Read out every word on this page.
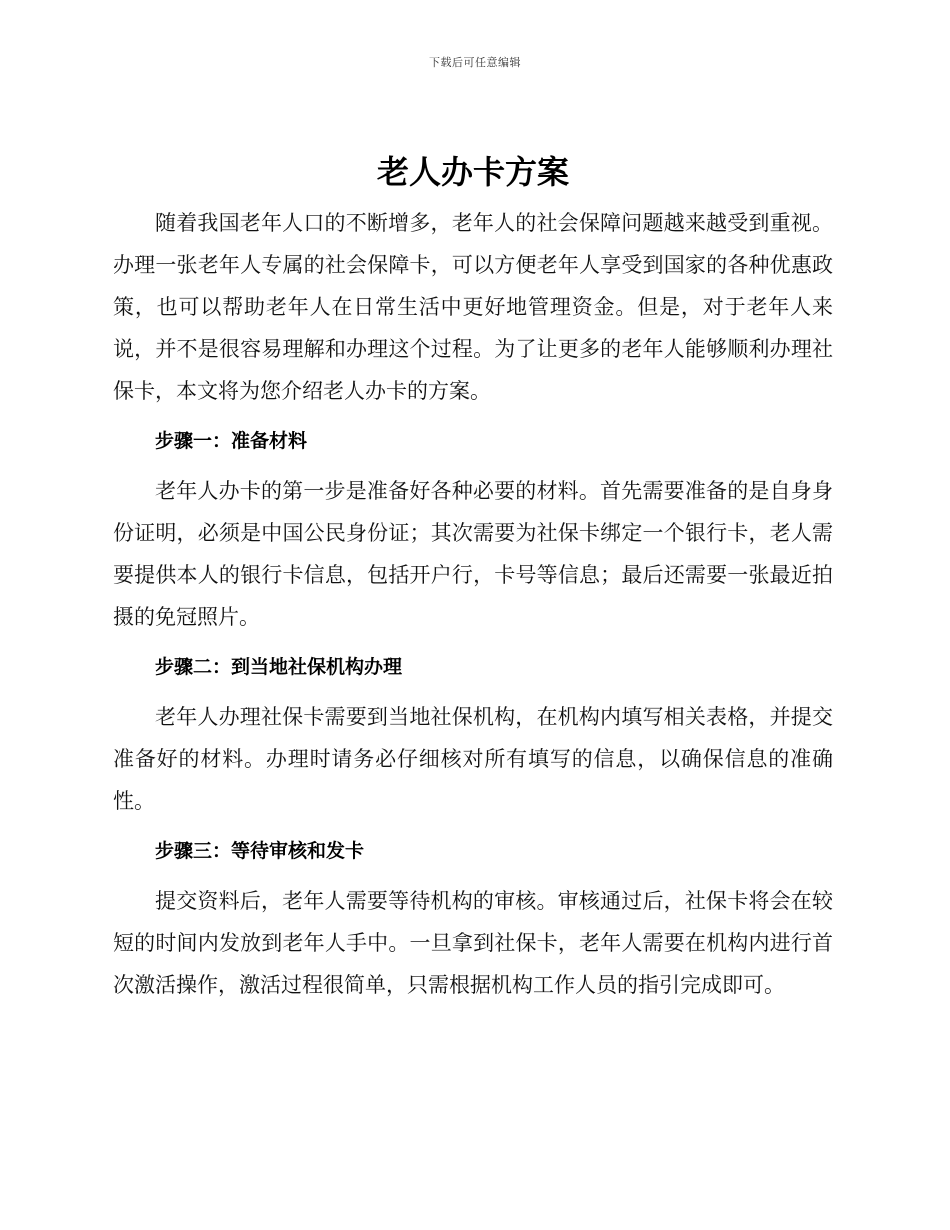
下载后可任意编辑
老人办卡方案

随着我国老年人口的不断增多，老年人的社会保障问题越来越受到重视。办理一张老年人专属的社会保障卡，可以方便老年人享受到国家的各种优惠政策，也可以帮助老年人在日常生活中更好地管理资金。但是，对于老年人来说，并不是很容易理解和办理这个过程。为了让更多的老年人能够顺利办理社保卡，本文将为您介绍老人办卡的方案。

步骤一：准备材料

老年人办卡的第一步是准备好各种必要的材料。首先需要准备的是自身身份证明，必须是中国公民身份证；其次需要为社保卡绑定一个银行卡，老人需要提供本人的银行卡信息，包括开户行，卡号等信息；最后还需要一张最近拍摄的免冠照片。

步骤二：到当地社保机构办理

老年人办理社保卡需要到当地社保机构，在机构内填写相关表格，并提交准备好的材料。办理时请务必仔细核对所有填写的信息，以确保信息的准确性。

步骤三：等待审核和发卡

提交资料后，老年人需要等待机构的审核。审核通过后，社保卡将会在较短的时间内发放到老年人手中。一旦拿到社保卡，老年人需要在机构内进行首次激活操作，激活过程很简单，只需根据机构工作人员的指引完成即可。
